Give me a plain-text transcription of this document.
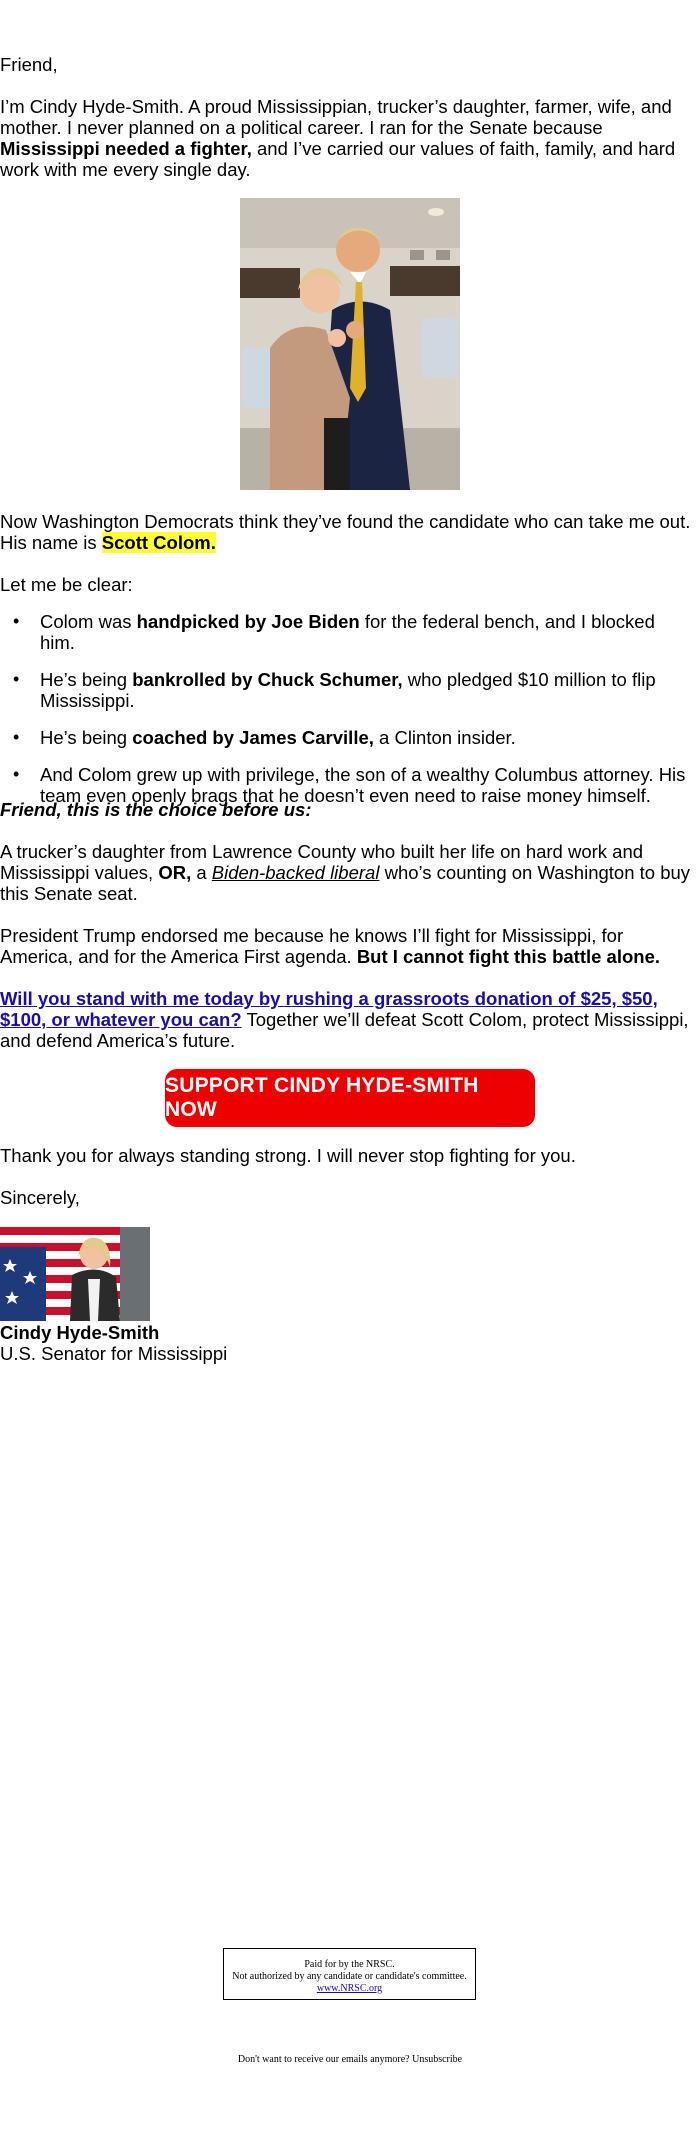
Friend,

I’m Cindy Hyde-Smith. A proud Mississippian, trucker’s daughter, farmer, wife, and mother. I never planned on a political career. I ran for the Senate because Mississippi needed a fighter, and I’ve carried our values of faith, family, and hard work with me every single day.

Now Washington Democrats think they’ve found the candidate who can take me out. His name is Scott Colom.

Let me be clear:

• Colom was handpicked by Joe Biden for the federal bench, and I blocked him.
• He’s being bankrolled by Chuck Schumer, who pledged $10 million to flip Mississippi.
• He’s being coached by James Carville, a Clinton insider.
• And Colom grew up with privilege, the son of a wealthy Columbus attorney. His team even openly brags that he doesn’t even need to raise money himself.

Friend, this is the choice before us:

A trucker’s daughter from Lawrence County who built her life on hard work and Mississippi values, OR, a Biden-backed liberal who’s counting on Washington to buy this Senate seat.

President Trump endorsed me because he knows I’ll fight for Mississippi, for America, and for the America First agenda. But I cannot fight this battle alone.

Will you stand with me today by rushing a grassroots donation of $25, $50, $100, or whatever you can? Together we’ll defeat Scott Colom, protect Mississippi, and defend America’s future.

SUPPORT CINDY HYDE-SMITH NOW

Thank you for always standing strong. I will never stop fighting for you.

Sincerely,

Cindy Hyde-Smith

U.S. Senator for Mississippi

Paid for by the NRSC.
Not authorized by any candidate or candidate's committee.
www.NRSC.org
Don't want to receive our emails anymore? Unsubscribe
